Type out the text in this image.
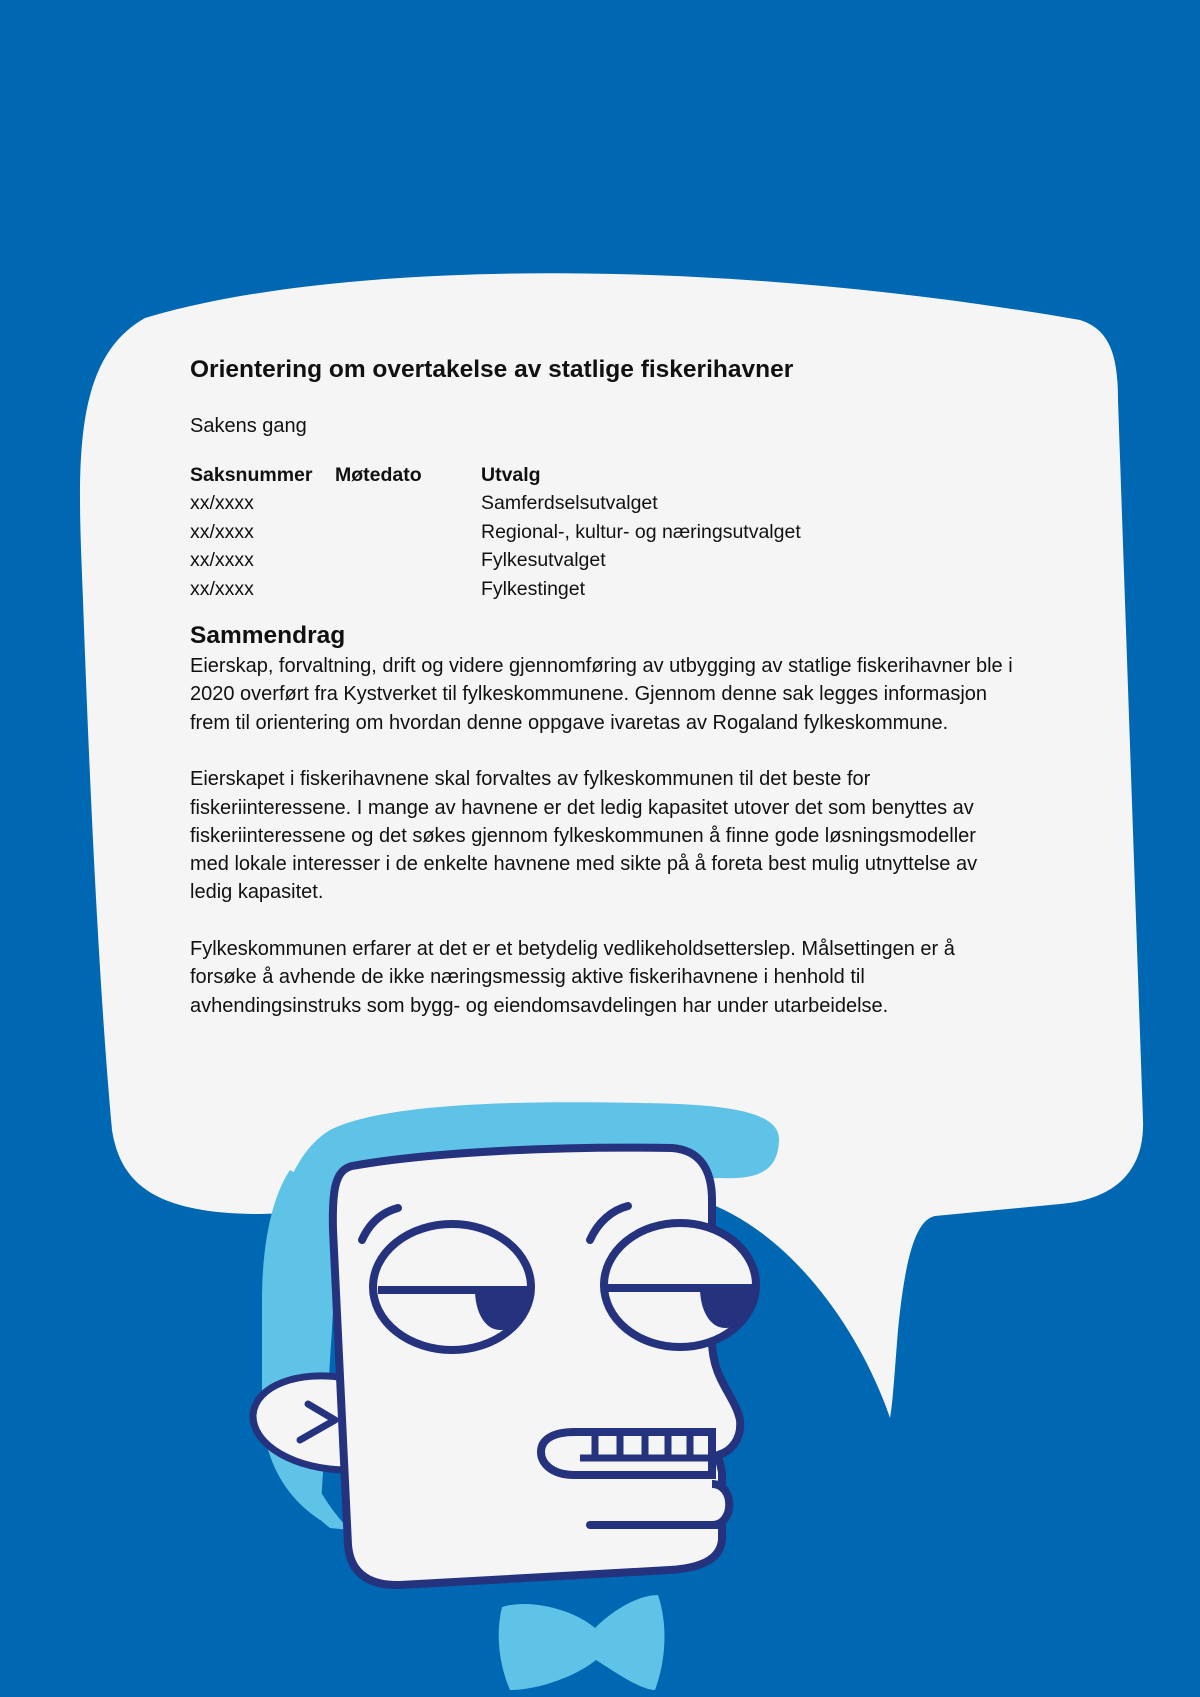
Orientering om overtakelse av statlige fiskerihavner
Sakens gang
Saksnummer	Møtedato	Utvalg
xx/xxxx		Samferdselsutvalget
xx/xxxx		Regional-, kultur- og næringsutvalget
xx/xxxx		Fylkesutvalget
xx/xxxx		Fylkestinget
Sammendrag

Eierskap, forvaltning, drift og videre gjennomføring av utbygging av statlige fiskerihavner ble i 2020 overført fra Kystverket til fylkeskommunene. Gjennom denne sak legges informasjon frem til orientering om hvordan denne oppgave ivaretas av Rogaland fylkeskommune.

Eierskapet i fiskerihavnene skal forvaltes av fylkeskommunen til det beste for fiskeriinteressene. I mange av havnene er det ledig kapasitet utover det som benyttes av fiskeriinteressene og det søkes gjennom fylkeskommunen å finne gode løsningsmodeller med lokale interesser i de enkelte havnene med sikte på å foreta best mulig utnyttelse av ledig kapasitet.

Fylkeskommunen erfarer at det er et betydelig vedlikeholdsetterslep. Målsettingen er å forsøke å avhende de ikke næringsmessig aktive fiskerihavnene i henhold til avhendingsinstruks som bygg- og eiendomsavdelingen har under utarbeidelse.
